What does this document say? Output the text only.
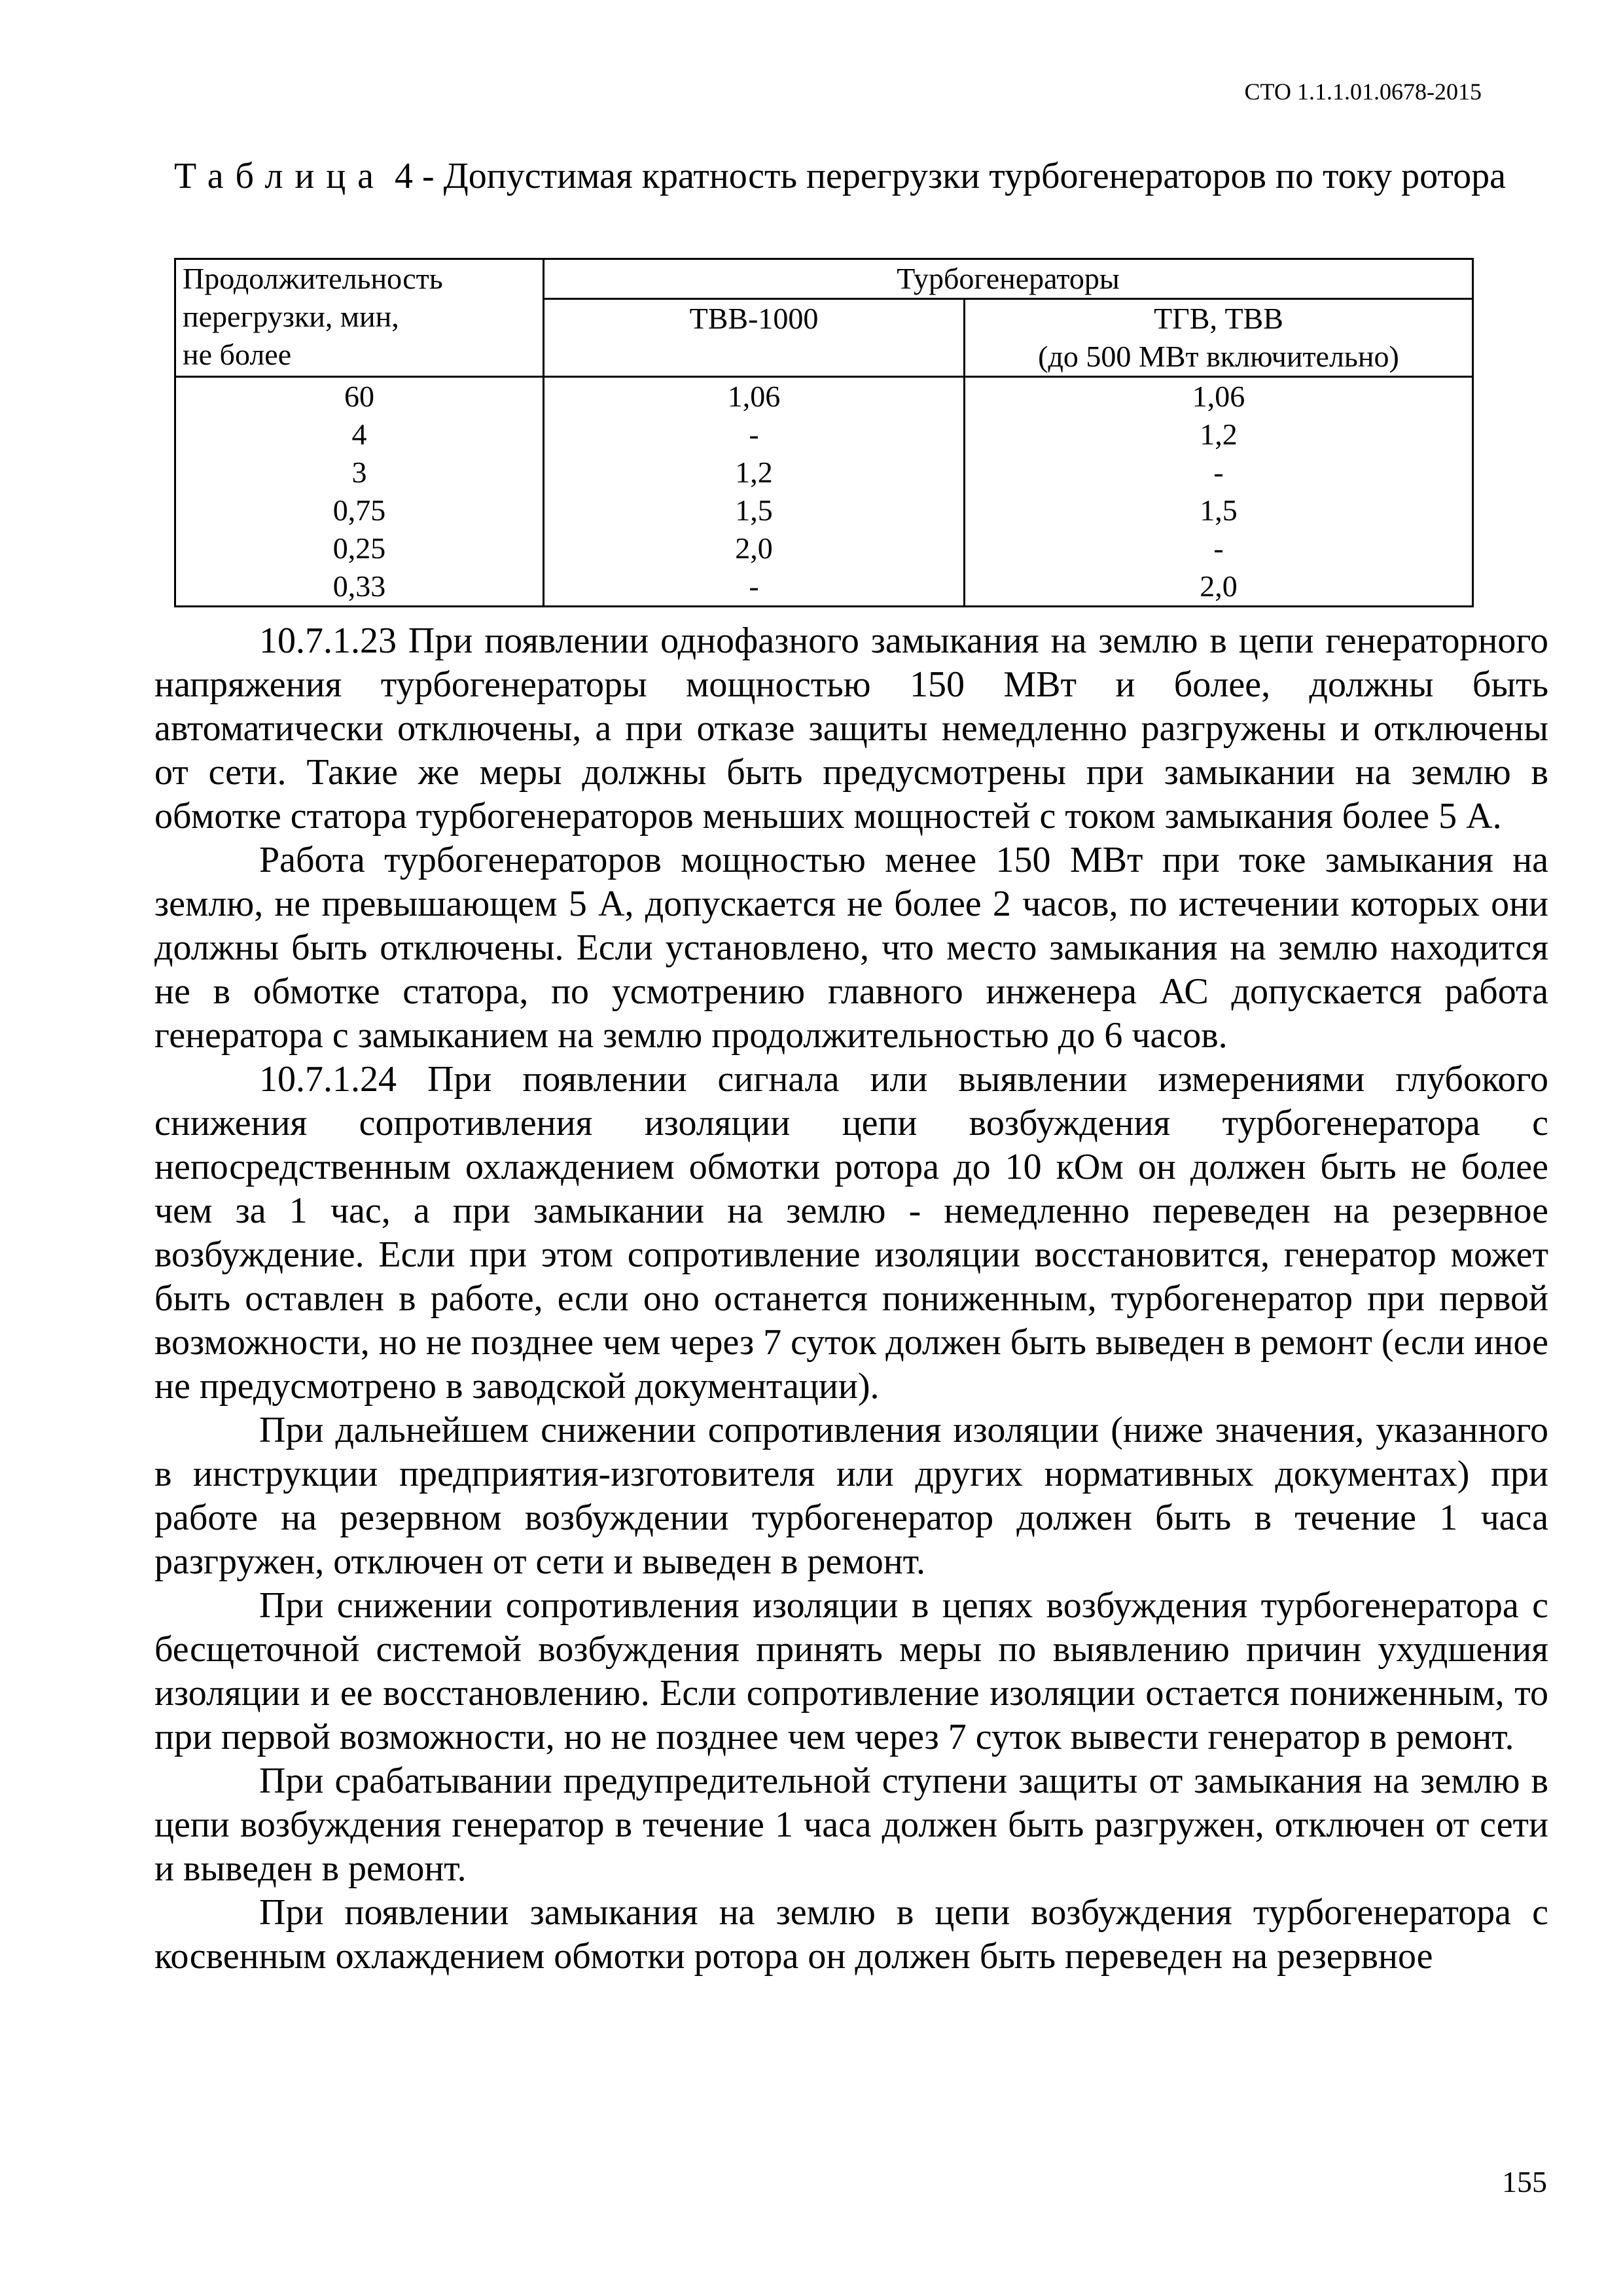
СТО 1.1.1.01.0678-2015
Таблица 4 - Допустимая кратность перегрузки турбогенераторов по току ротора
Продолжительность
перегрузки, мин,
не более	Турбогенераторы	
	ТВВ-1000	ТГВ, ТВВ
(до 500 МВт включительно)

60	1,06	1,06
4	-	1,2
3	1,2	-
0,75	1,5	1,5
0,25	2,0	-
0,33	-	2,0

10.7.1.23 При появлении однофазного замыкания на землю в цепи генераторного напряжения турбогенераторы мощностью 150 МВт и более, должны быть автоматически отключены, а при отказе защиты немедленно разгружены и отключены от сети. Такие же меры должны быть предусмотрены при замыкании на землю в обмотке статора турбогенераторов меньших мощностей с током замыкания более 5 А.

Работа турбогенераторов мощностью менее 150 МВт при токе замыкания на землю, не превышающем 5 А, допускается не более 2 часов, по истечении которых они должны быть отключены. Если установлено, что место замыкания на землю находится не в обмотке статора, по усмотрению главного инженера АС допускается работа генератора с замыканием на землю продолжительностью до 6 часов.

10.7.1.24 При появлении сигнала или выявлении измерениями глубокого снижения сопротивления изоляции цепи возбуждения турбогенератора с непосредственным охлаждением обмотки ротора до 10 кОм он должен быть не более чем за 1 час, а при замыкании на землю - немедленно переведен на резервное возбуждение. Если при этом сопротивление изоляции восстановится, генератор может быть оставлен в работе, если оно останется пониженным, турбогенератор при первой возможности, но не позднее чем через 7 суток должен быть выведен в ремонт (если иное не предусмотрено в заводской документации).

При дальнейшем снижении сопротивления изоляции (ниже значения, указанного в инструкции предприятия-изготовителя или других нормативных документах) при работе на резервном возбуждении турбогенератор должен быть в течение 1 часа разгружен, отключен от сети и выведен в ремонт.

При снижении сопротивления изоляции в цепях возбуждения турбогенератора с бесщеточной системой возбуждения принять меры по выявлению причин ухудшения изоляции и ее восстановлению. Если сопротивление изоляции остается пониженным, то при первой возможности, но не позднее чем через 7 суток вывести генератор в ремонт.

При срабатывании предупредительной ступени защиты от замыкания на землю в цепи возбуждения генератор в течение 1 часа должен быть разгружен, отключен от сети и выведен в ремонт.

При появлении замыкания на землю в цепи возбуждения турбогенератора с косвенным охлаждением обмотки ротора он должен быть переведен на резервное

155
